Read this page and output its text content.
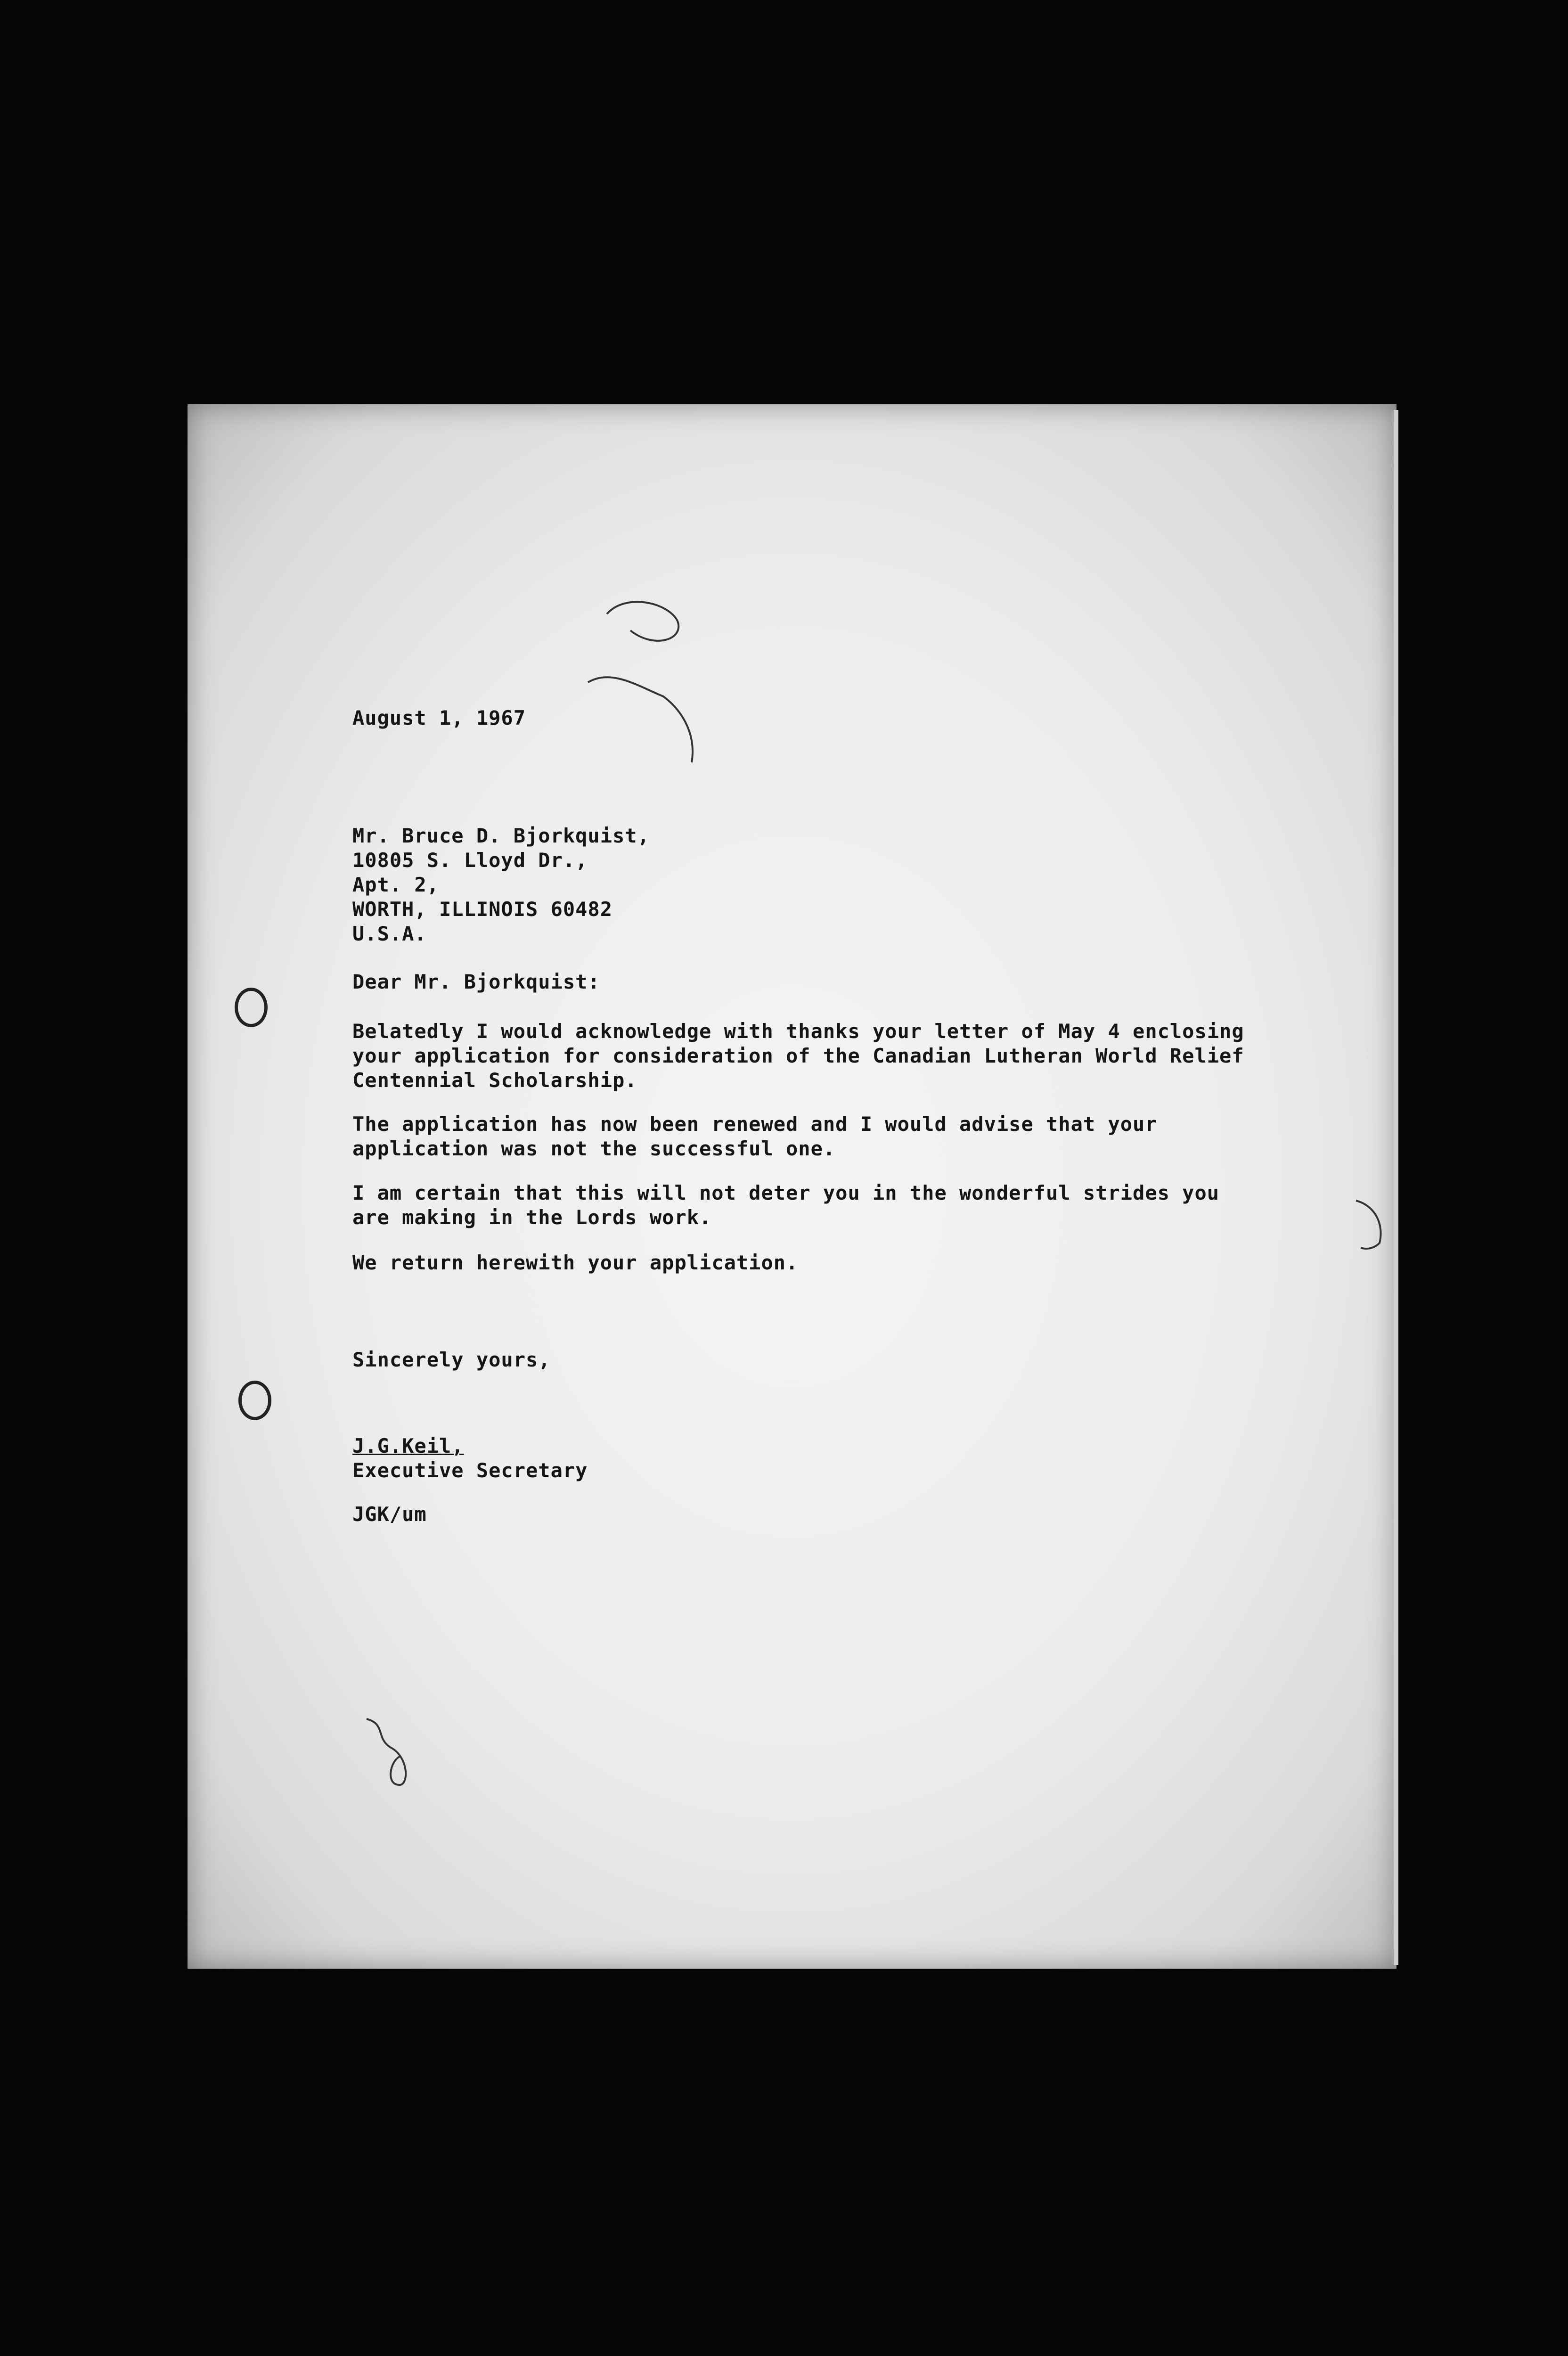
August 1, 1967
Mr. Bruce D. Bjorkquist,
10805 S. Lloyd Dr.,
Apt. 2,
WORTH, ILLINOIS 60482
U.S.A.
Dear Mr. Bjorkquist:
Belatedly I would acknowledge with thanks your letter of May 4 enclosing
your application for consideration of the Canadian Lutheran World Relief
Centennial Scholarship.
The application has now been renewed and I would advise that your
application was not the successful one.
I am certain that this will not deter you in the wonderful strides you
are making in the Lords work.
We return herewith your application.
Sincerely yours,
J.G.Keil,
Executive Secretary
JGK/um
